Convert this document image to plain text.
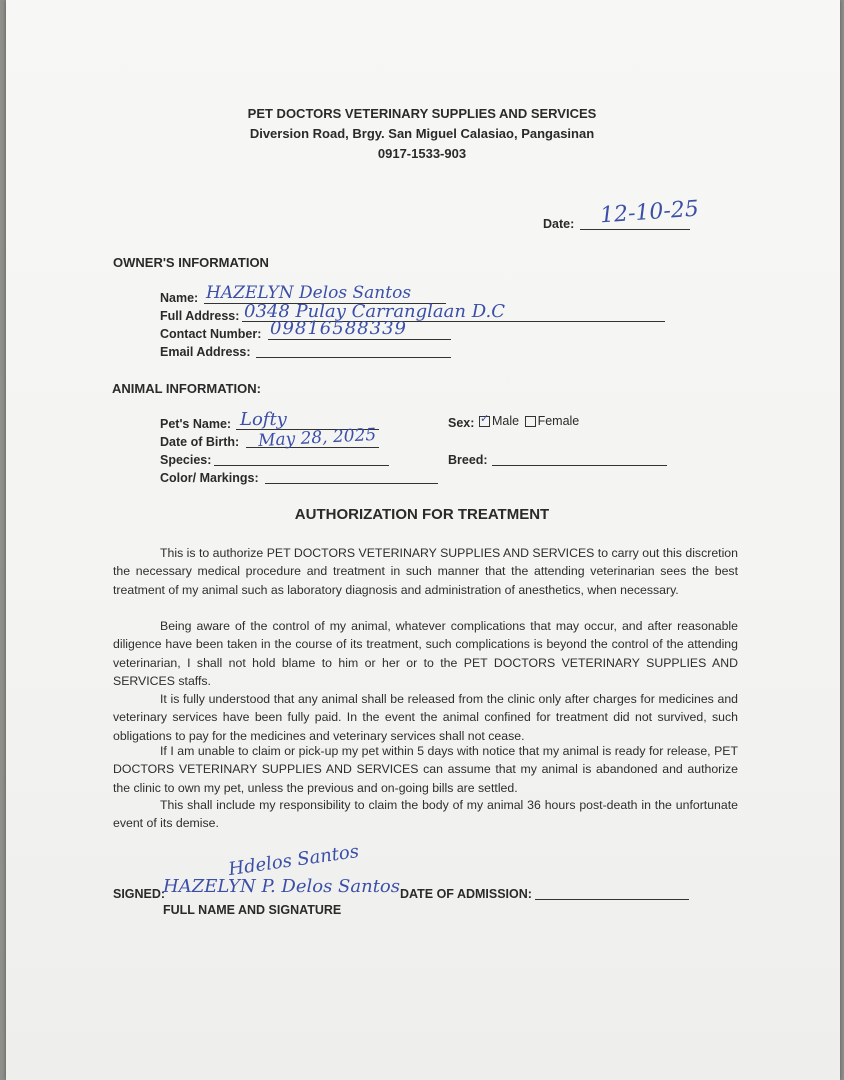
PET DOCTORS VETERINARY SUPPLIES AND SERVICES
Diversion Road, Brgy. San Miguel Calasiao, Pangasinan
0917-1533-903
Date: 12-10-25
OWNER'S INFORMATION
Name: HAZELYN Delos Santos
Full Address: 0348 Pulay Carranglaan D.C
Contact Number: 09816588339
Email Address:
ANIMAL INFORMATION:
Pet's Name: Lofty
Date of Birth: May 28, 2025
Species:
Color/ Markings:
Sex:
✓	Male Female
Breed:
AUTHORIZATION FOR TREATMENT
This is to authorize PET DOCTORS VETERINARY SUPPLIES AND SERVICES to carry out this discretion the necessary medical procedure and treatment in such manner that the attending veterinarian sees the best treatment of my animal such as laboratory diagnosis and administration of anesthetics, when necessary.
Being aware of the control of my animal, whatever complications that may occur, and after reasonable diligence have been taken in the course of its treatment, such complications is beyond the control of the attending veterinarian, I shall not hold blame to him or her or to the PET DOCTORS VETERINARY SUPPLIES AND SERVICES staffs.
It is fully understood that any animal shall be released from the clinic only after charges for medicines and veterinary services have been fully paid. In the event the animal confined for treatment did not survived, such obligations to pay for the medicines and veterinary services shall not cease.
If I am unable to claim or pick-up my pet within 5 days with notice that my animal is ready for release, PET DOCTORS VETERINARY SUPPLIES AND SERVICES can assume that my animal is abandoned and authorize the clinic to own my pet, unless the previous and on-going bills are settled.
This shall include my responsibility to claim the body of my animal 36 hours post-death in the unfortunate event of its demise.
Hdelos Santos
SIGNED:
HAZELYN P. Delos Santos
FULL NAME AND SIGNATURE
DATE OF ADMISSION:
